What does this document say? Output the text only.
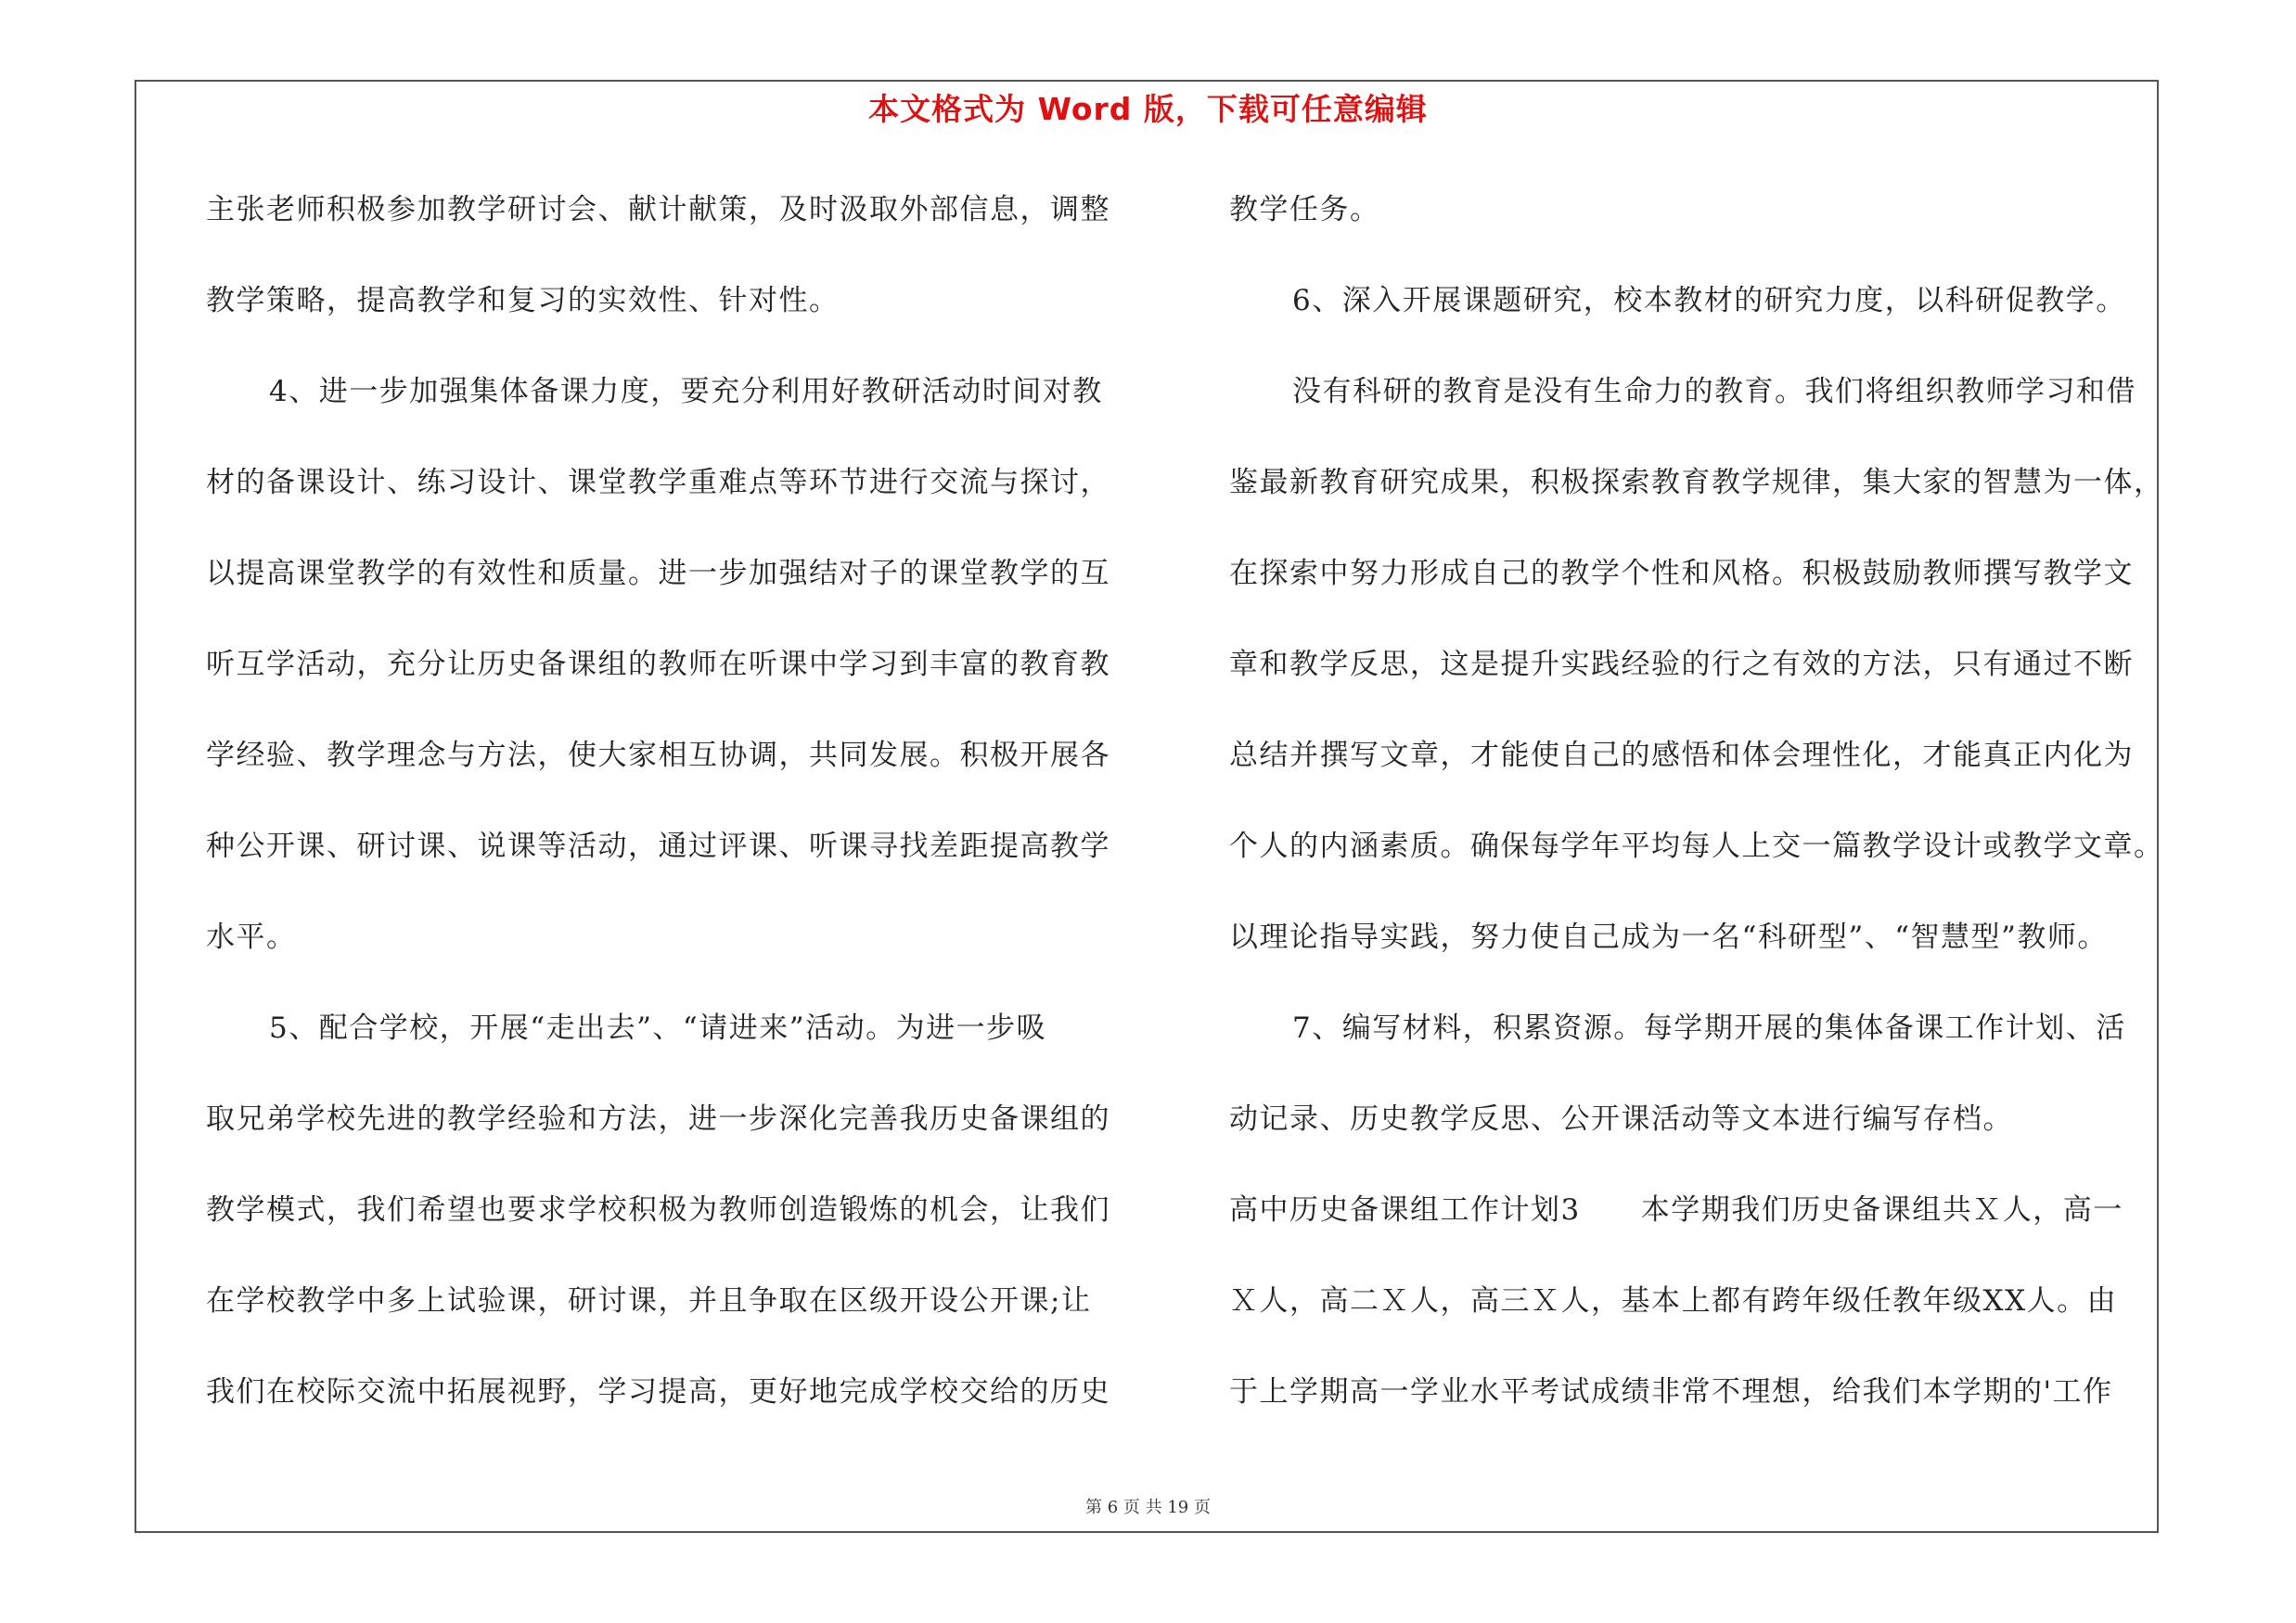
本文格式为 Word 版，下载可任意编辑
主张老师积极参加教学研讨会、献计献策，及时汲取外部信息，调整
教学策略，提高教学和复习的实效性、针对性。
4、进一步加强集体备课力度，要充分利用好教研活动时间对教
材的备课设计、练习设计、课堂教学重难点等环节进行交流与探讨，
以提高课堂教学的有效性和质量。进一步加强结对子的课堂教学的互
听互学活动，充分让历史备课组的教师在听课中学习到丰富的教育教
学经验、教学理念与方法，使大家相互协调，共同发展。积极开展各
种公开课、研讨课、说课等活动，通过评课、听课寻找差距提高教学
水平。
5、配合学校，开展“走出去”、“请进来”活动。为进一步吸
取兄弟学校先进的教学经验和方法，进一步深化完善我历史备课组的
教学模式，我们希望也要求学校积极为教师创造锻炼的机会，让我们
在学校教学中多上试验课，研讨课，并且争取在区级开设公开课;让
我们在校际交流中拓展视野，学习提高，更好地完成学校交给的历史
教学任务。
6、深入开展课题研究，校本教材的研究力度，以科研促教学。
没有科研的教育是没有生命力的教育。我们将组织教师学习和借
鉴最新教育研究成果，积极探索教育教学规律，集大家的智慧为一体，
在探索中努力形成自己的教学个性和风格。积极鼓励教师撰写教学文
章和教学反思，这是提升实践经验的行之有效的方法，只有通过不断
总结并撰写文章，才能使自己的感悟和体会理性化，才能真正内化为
个人的内涵素质。确保每学年平均每人上交一篇教学设计或教学文章。
以理论指导实践，努力使自己成为一名“科研型”、“智慧型”教师。
7、编写材料，积累资源。每学期开展的集体备课工作计划、活
动记录、历史教学反思、公开课活动等文本进行编写存档。
高中历史备课组工作计划3　　本学期我们历史备课组共Ｘ人，高一
Ｘ人，高二Ｘ人，高三Ｘ人，基本上都有跨年级任教年级XX人。由
于上学期高一学业水平考试成绩非常不理想，给我们本学期的'工作
第 6 页 共 19 页
